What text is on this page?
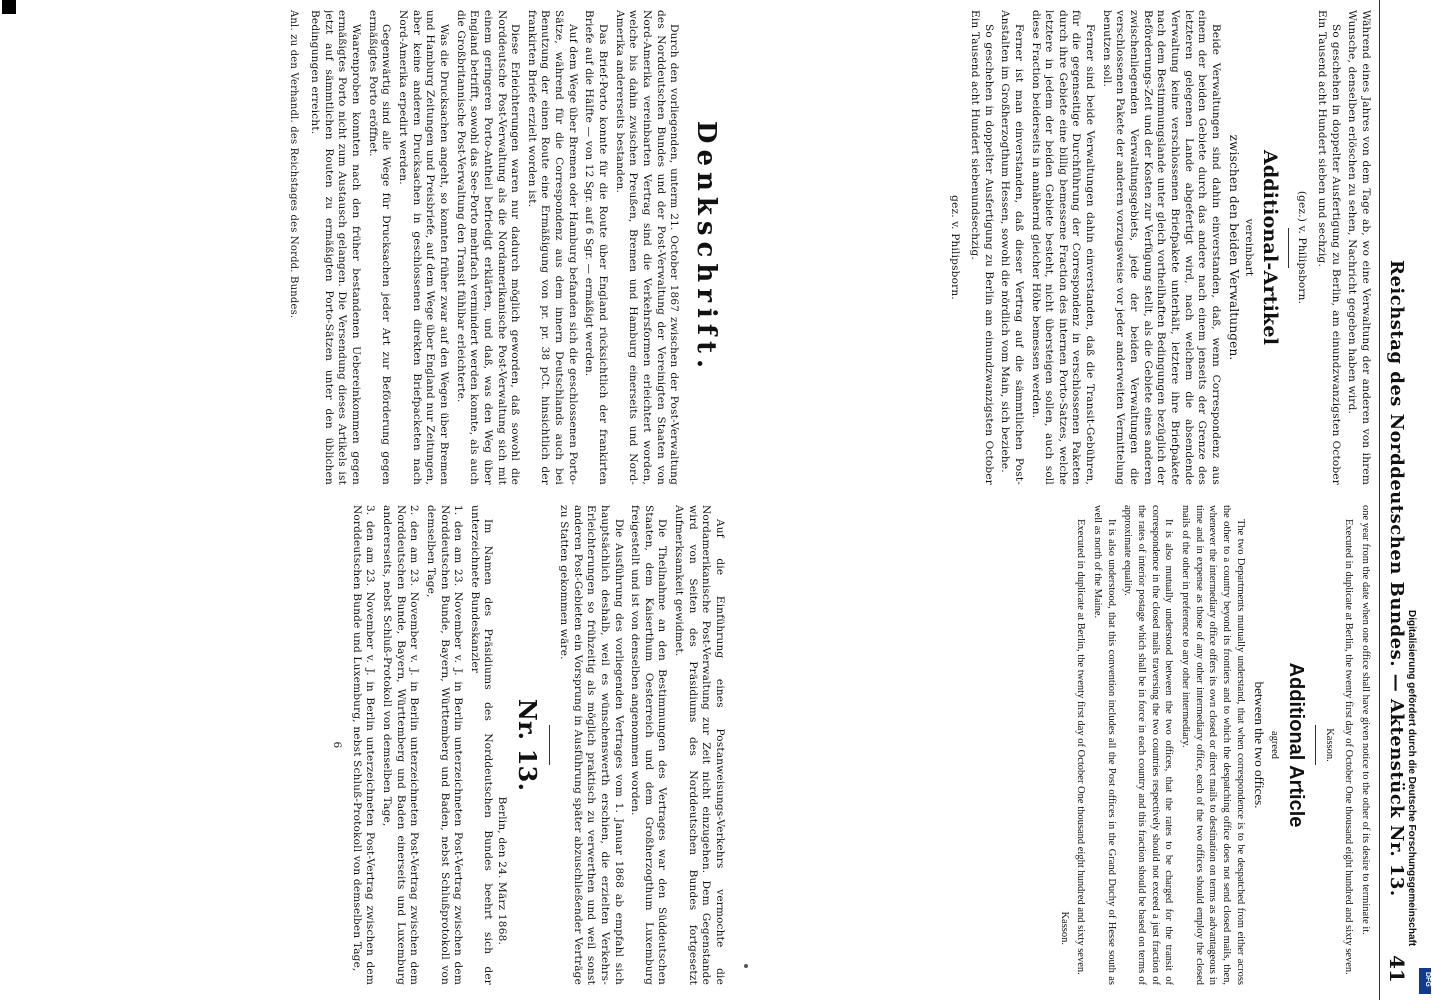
Reichstag des Norddeutschen Bundes. — Aktenstück Nr. 13.
41

Während eines Jahres von dem Tage ab, wo eine Verwaltung der anderen von ihrem Wunsche, denselben erlöschen zu sehen, Nachricht gegeben haben wird.

So geschehen in doppelter Ausfertigung zu Berlin, am einundzwanzigsten October Ein Tausend acht Hundert sieben und sechzig.

(gez.) v. Philipsborn.
Additional-Artikel
vereinbart
zwischen den beiden Verwaltungen.

Beide Verwaltungen sind dahin einverstanden, daß, wenn Correspondenz aus einem der beiden Gebiete durch das andere nach einem jenseits der Grenze des letzteren gelegenen Lande abgefertigt wird, nach welchem die absendende Verwaltung keine verschlossenen Briefpakete unterhält, letztere ihre Briefpakete nach dem Bestimmungslande unter gleich vortheilhaften Bedingungen bezüglich der Beförderungs-Zeit und der Kosten zur Verfügung stellt, als die Gebiete eines anderen zwischenliegenden Verwaltungsgebiets, jede der beiden Verwaltungen die verschlossenen Pakete der anderen vorzugsweise vor jeder anderweiten Vermittelung benutzen soll.

Ferner sind beide Verwaltungen dahin einverstanden, daß die Transit-Gebühren, für die gegenseitige Durchführung der Correspondenz in verschlossenen Paketen durch ihre Gebiete eine billig bemessene Fraction des internen Porto-Satzes, welche letztere in jedem der beiden Gebiete besteht, nicht übersteigen sollen, auch soll diese Fraction beiderseits in annähernd gleicher Höhe bemessen werden.

Ferner ist man einverstanden, daß dieser Vertrag auf die sämmtlichen Post-Anstalten im Großherzogthum Hessen, sowohl die nördlich vom Main, sich beziehe.

So geschehen in doppelter Ausfertigung zu Berlin am einundzwanzigsten October Ein Tausend acht Hundert siebenundsechzig.

gez. v. Philipsborn.

one year from the date when one office shall have given notice to the other of its desire to terminate it.

Executed in duplicate at Berlin, the twenty first day of October One thousand eight hundred and sixty seven.

Kasson.
Additional Article
agreed
between the two offices.

The two Departments mutually understand, that when correspondence is to be despatched from either across the other to a country beyond its frontiers and to which the despatching office does not send closed mails, then, whenever the intermediary office offers its own closed or direct mails to destination on terms as advantageous in time and in expense as those of any other intermediary office, each of the two offices should employ the closed mails of the other in preference to any other intermediary.

It is also mutually understood between the two offices, that the rates to be charged for the transit of correspondence in the closed mails traversing the two countries respectively should not exceed a just fraction of the rates of interior postage which shall be in force in each country and this fraction should be based on terms of approximate equality.

It is also understood, that this convention includes all the Post offices in the Grand Duchy of Hesse south as well as north of the Maine.

Executed in duplicate at Berlin, the twenty first day of October One thousand eight hundred and sixty seven.

Kasson.
Denkschrift.

Durch den vorliegenden, unterm 21. October 1867 zwischen der Post-Verwaltung des Norddeutschen Bundes und der Post-Verwaltung der Vereinigten Staaten von Nord-Amerika vereinbarten Vertrag sind die Verkehrsformen erleichtert worden, welche bis dahin zwischen Preußen, Bremen und Hamburg einerseits und Nord-Amerika andererseits bestanden.

Das Brief-Porto konnte für die Route über England rücksichtlich der frankirten Briefe auf die Hälfte — von 12 Sgr. auf 6 Sgr. — ermäßigt werden.

Auf dem Wege über Bremen oder Hamburg befanden sich die geschlossenen Porto-Sätze, während für die Correspondenz aus dem innern Deutschlands auch bei Benutzung der einen Route eine Ermäßigung von pr. pr. 38 pCt. hinsichtlich der frankirten Briefe erzielt worden ist.

Diese Erleichterungen waren nur dadurch möglich geworden, daß sowohl die Norddeutsche Post-Verwaltung als die Nordamerikanische Post-Verwaltung sich mit einem geringeren Porto-Antheil befriedigt erklärten, und daß, was den Weg über England betrifft, sowohl das See-Porto mehrfach vermindert werden konnte, als auch die Großbritannische Post-Verwaltung den Transit fühlbar erleichterte.

Was die Drucksachen angeht, so konnten früher zwar auf den Wegen über Bremen und Hamburg Zeitungen und Preisbriefe, auf dem Wege über England nur Zeitungen, aber keine anderen Drucksachen in geschlossenen direkten Briefpacketen nach Nord-Amerika erpedirt werden.

Gegenwärtig sind alle Wege für Drucksachen jeder Art zur Beförderung gegen ermäßigtes Porto eröffnet.

Waarenproben konnten nach den früher bestandenen Uebereinkommen gegen ermäßigtes Porto nicht zum Austausch gelangen. Die Versendung dieses Artikels ist jetzt auf sämmtlichen Routen zu ermäßigten Porto-Sätzen unter den üblichen Bedingungen erreicht.

Anl. zu den Verhandl. des Reichstages des Nordd. Bundes.

Auf die Einführung eines Postanweisungs-Verkehrs vermochte die Nordamerikanische Post-Verwaltung zur Zeit nicht einzugehen. Dem Gegenstande wird von Seiten des Präsidiums des Norddeutschen Bundes fortgesetzt Aufmerksamkeit gewidmet.

Die Theilnahme an den Bestimmungen des Vertrages war den Süddeutschen Staaten, dem Kaiserthum Oesterreich und dem Großherzogthum Luxemburg freigestellt und ist von denselben angenommen worden.

Die Ausführung des vorliegenden Vertrages vom 1. Januar 1868 ab empfahl sich hauptsächlich deshalb, weil es wünschenswerth erschien, die erzielten Verkehrs-Erleichterungen so frühzeitig als möglich praktisch zu verwerthen und weil sonst anderen Post-Gebieten ein Vorsprung in Ausführung später abzuschließender Verträge zu Statten gekommen wäre.

Nr. 13.
Berlin, den 24. März 1868.

Im Namen des Präsidiums des Norddeutschen Bundes beehrt sich der unterzeichnete Bundeskanzler

1. den am 23. November v. J. in Berlin unterzeichneten Post-Vertrag zwischen dem Norddeutschen Bunde, Bayern, Württemberg und Baden, nebst Schlußprotokoll von demselben Tage,

2. den am 23. November v. J. in Berlin unterzeichneten Post-Vertrag zwischen dem Norddeutschen Bunde, Bayern, Württemberg und Baden einerseits und Luxemburg andererseits, nebst Schluß-Protokoll von demselben Tage,

3. den am 23. November v. J. in Berlin unterzeichneten Post-Vertrag zwischen dem Norddeutschen Bunde und Luxemburg, nebst Schluß-Protokoll von demselben Tage,

6	Digitalisierung gefördert durch die Deutsche Forschungsgemeinschaft
DFG
